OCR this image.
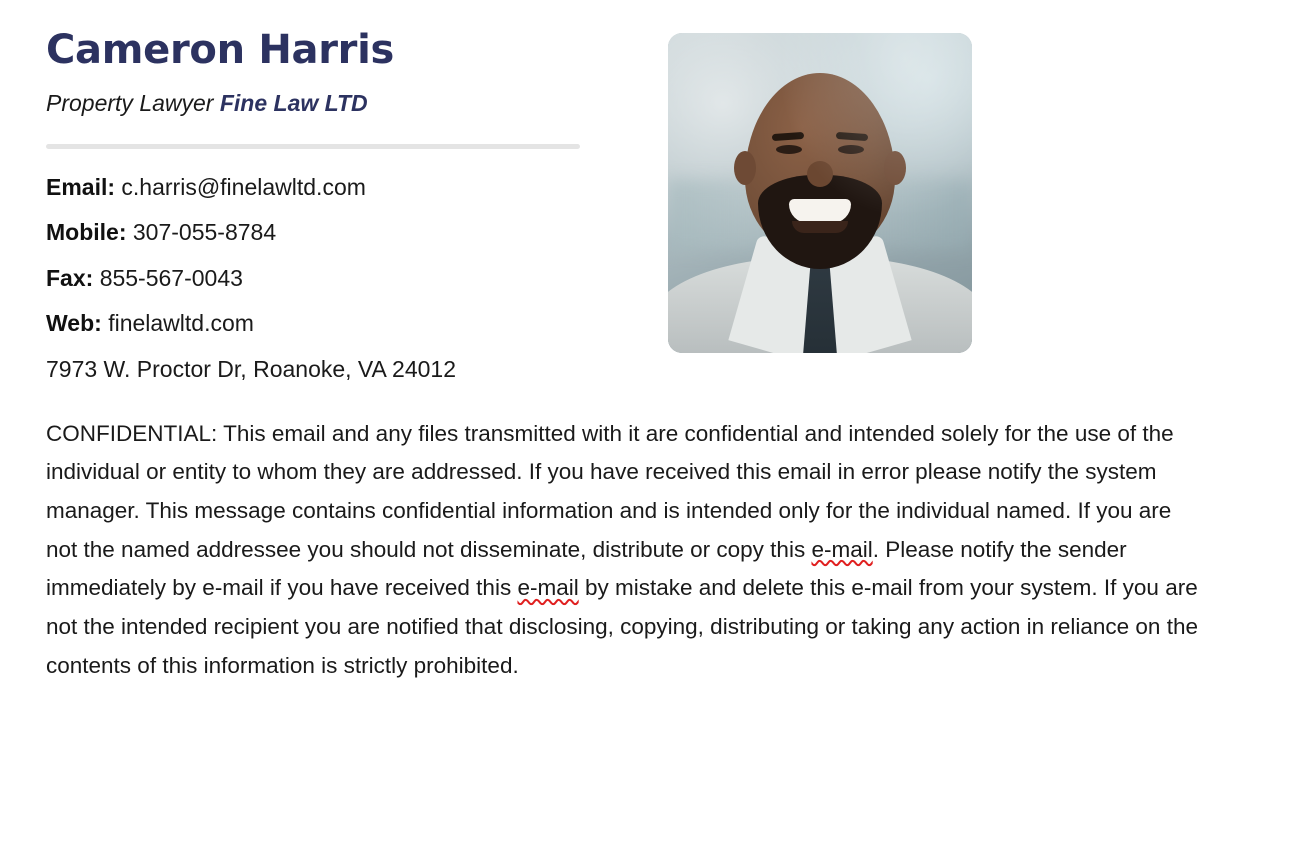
Cameron Harris
Property Lawyer Fine Law LTD
Email: c.harris@finelawltd.com
Mobile: 307-055-8784
Fax: 855-567-0043
Web: finelawltd.com
7973 W. Proctor Dr, Roanoke, VA 24012
CONFIDENTIAL: This email and any files transmitted with it are confidential and intended solely for the use of the individual or entity to whom they are addressed. If you have received this email in error please notify the system manager. This message contains confidential information and is intended only for the individual named. If you are not the named addressee you should not disseminate, distribute or copy this e-mail. Please notify the sender immediately by e-mail if you have received this e-mail by mistake and delete this e-mail from your system. If you are not the intended recipient you are notified that disclosing, copying, distributing or taking any action in reliance on the contents of this information is strictly prohibited.
